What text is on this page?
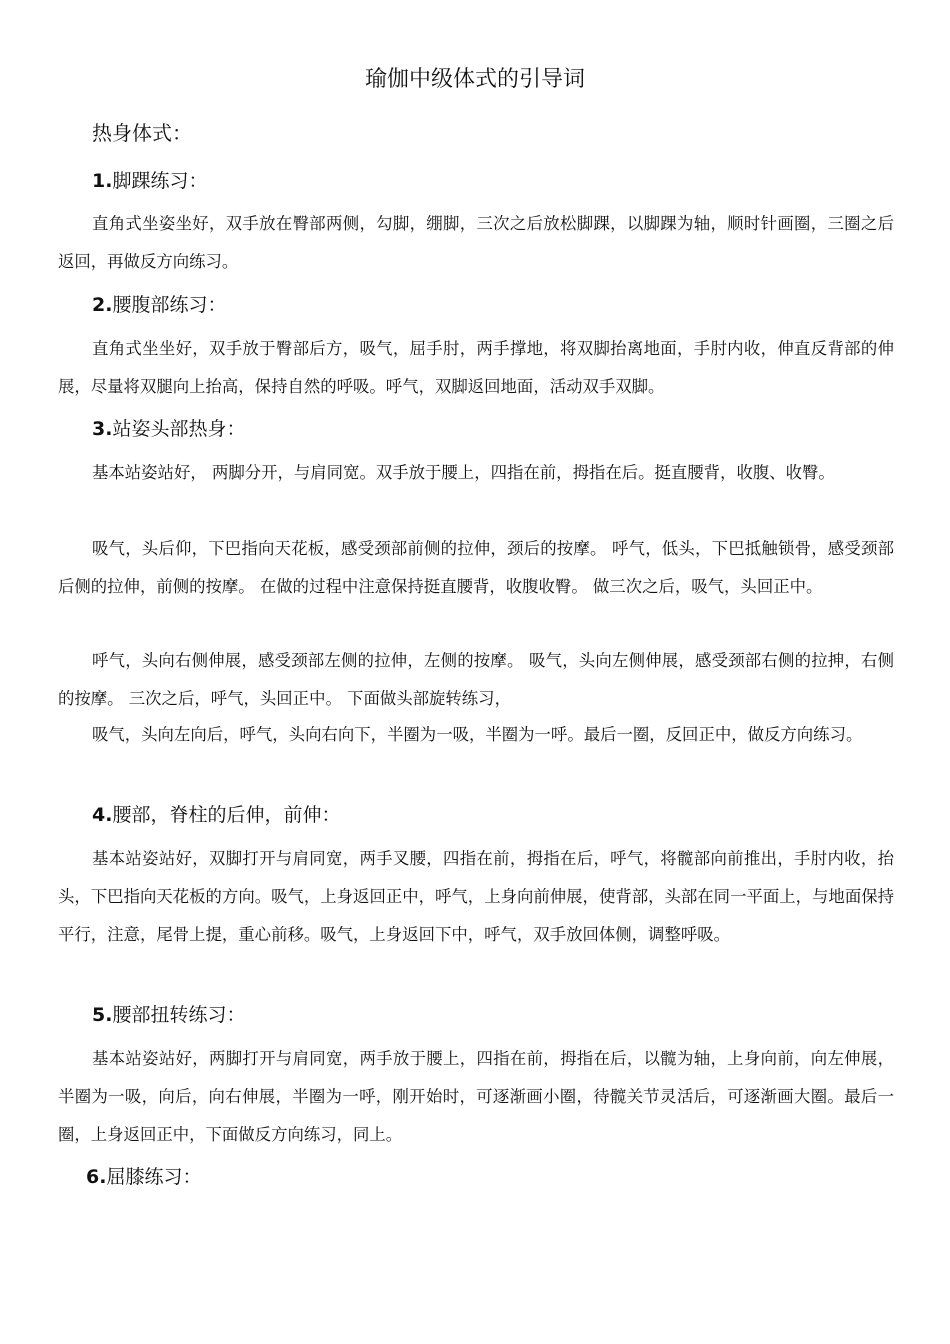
瑜伽中级体式的引导词
热身体式：
1.脚踝练习：

直角式坐姿坐好，双手放在臀部两侧，勾脚，绷脚，三次之后放松脚踝，以脚踝为轴，顺时针画圈，三圈之后返回，再做反方向练习。

2.腰腹部练习：

直角式坐坐好，双手放于臀部后方，吸气，屈手肘，两手撑地，将双脚抬离地面，手肘内收，伸直反背部的伸展，尽量将双腿向上抬高，保持自然的呼吸。呼气，双脚返回地面，活动双手双脚。

3.站姿头部热身：

基本站姿站好， 两脚分开，与肩同宽。双手放于腰上，四指在前，拇指在后。挺直腰背，收腹、收臀。

吸气，头后仰，下巴指向天花板，感受颈部前侧的拉伸，颈后的按摩。 呼气，低头，下巴抵触锁骨，感受颈部后侧的拉伸，前侧的按摩。 在做的过程中注意保持挺直腰背，收腹收臀。 做三次之后，吸气，头回正中。

呼气，头向右侧伸展，感受颈部左侧的拉伸，左侧的按摩。 吸气，头向左侧伸展，感受颈部右侧的拉抻，右侧的按摩。 三次之后，呼气，头回正中。 下面做头部旋转练习，

吸气，头向左向后，呼气，头向右向下，半圈为一吸，半圈为一呼。最后一圈，反回正中，做反方向练习。

4.腰部，脊柱的后伸，前伸：

基本站姿站好，双脚打开与肩同宽，两手叉腰，四指在前，拇指在后，呼气，将髋部向前推出，手肘内收，抬头，下巴指向天花板的方向。吸气，上身返回正中，呼气，上身向前伸展，使背部，头部在同一平面上，与地面保持平行，注意，尾骨上提，重心前移。吸气，上身返回下中，呼气，双手放回体侧，调整呼吸。

5.腰部扭转练习：

基本站姿站好，两脚打开与肩同宽，两手放于腰上，四指在前，拇指在后，以髋为轴，上身向前，向左伸展，半圈为一吸，向后，向右伸展，半圈为一呼，刚开始时，可逐渐画小圈，待髋关节灵活后，可逐渐画大圈。最后一圈，上身返回正中，下面做反方向练习，同上。

6.屈膝练习：
